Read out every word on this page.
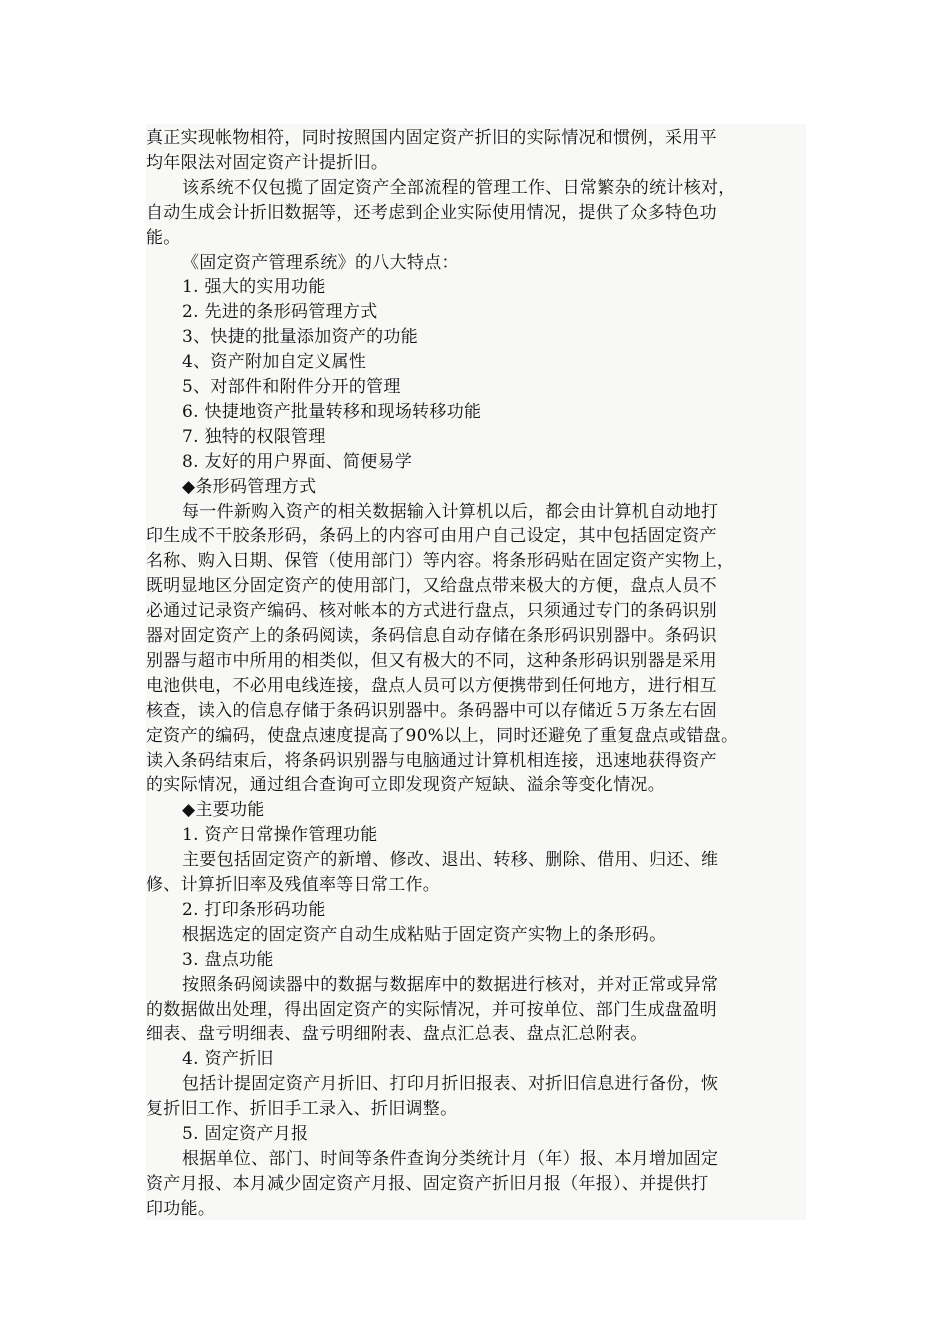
真正实现帐物相符，同时按照国内固定资产折旧的实际情况和惯例，采用平
均年限法对固定资产计提折旧。
该系统不仅包揽了固定资产全部流程的管理工作、日常繁杂的统计核对，
自动生成会计折旧数据等，还考虑到企业实际使用情况，提供了众多特色功
能。
《固定资产管理系统》的八大特点：
1. 强大的实用功能
2. 先进的条形码管理方式
3、快捷的批量添加资产的功能
4、资产附加自定义属性
5、对部件和附件分开的管理
6. 快捷地资产批量转移和现场转移功能
7. 独特的权限管理
8. 友好的用户界面、简便易学
◆条形码管理方式
每一件新购入资产的相关数据输入计算机以后，都会由计算机自动地打
印生成不干胶条形码，条码上的内容可由用户自己设定，其中包括固定资产
名称、购入日期、保管（使用部门）等内容。将条形码贴在固定资产实物上，
既明显地区分固定资产的使用部门，又给盘点带来极大的方便，盘点人员不
必通过记录资产编码、核对帐本的方式进行盘点，只须通过专门的条码识别
器对固定资产上的条码阅读，条码信息自动存储在条形码识别器中。条码识
别器与超市中所用的相类似，但又有极大的不同，这种条形码识别器是采用
电池供电，不必用电线连接，盘点人员可以方便携带到任何地方，进行相互
核查，读入的信息存储于条码识别器中。条码器中可以存储近５万条左右固
定资产的编码，使盘点速度提高了90%以上，同时还避免了重复盘点或错盘。
读入条码结束后，将条码识别器与电脑通过计算机相连接，迅速地获得资产
的实际情况，通过组合查询可立即发现资产短缺、溢余等变化情况。
◆主要功能
1. 资产日常操作管理功能
主要包括固定资产的新增、修改、退出、转移、删除、借用、归还、维
修、计算折旧率及残值率等日常工作。
2. 打印条形码功能
根据选定的固定资产自动生成粘贴于固定资产实物上的条形码。
3. 盘点功能
按照条码阅读器中的数据与数据库中的数据进行核对，并对正常或异常
的数据做出处理，得出固定资产的实际情况，并可按单位、部门生成盘盈明
细表、盘亏明细表、盘亏明细附表、盘点汇总表、盘点汇总附表。
4. 资产折旧
包括计提固定资产月折旧、打印月折旧报表、对折旧信息进行备份，恢
复折旧工作、折旧手工录入、折旧调整。
5. 固定资产月报
根据单位、部门、时间等条件查询分类统计月（年）报、本月增加固定
资产月报、本月减少固定资产月报、固定资产折旧月报（年报）、并提供打
印功能。
